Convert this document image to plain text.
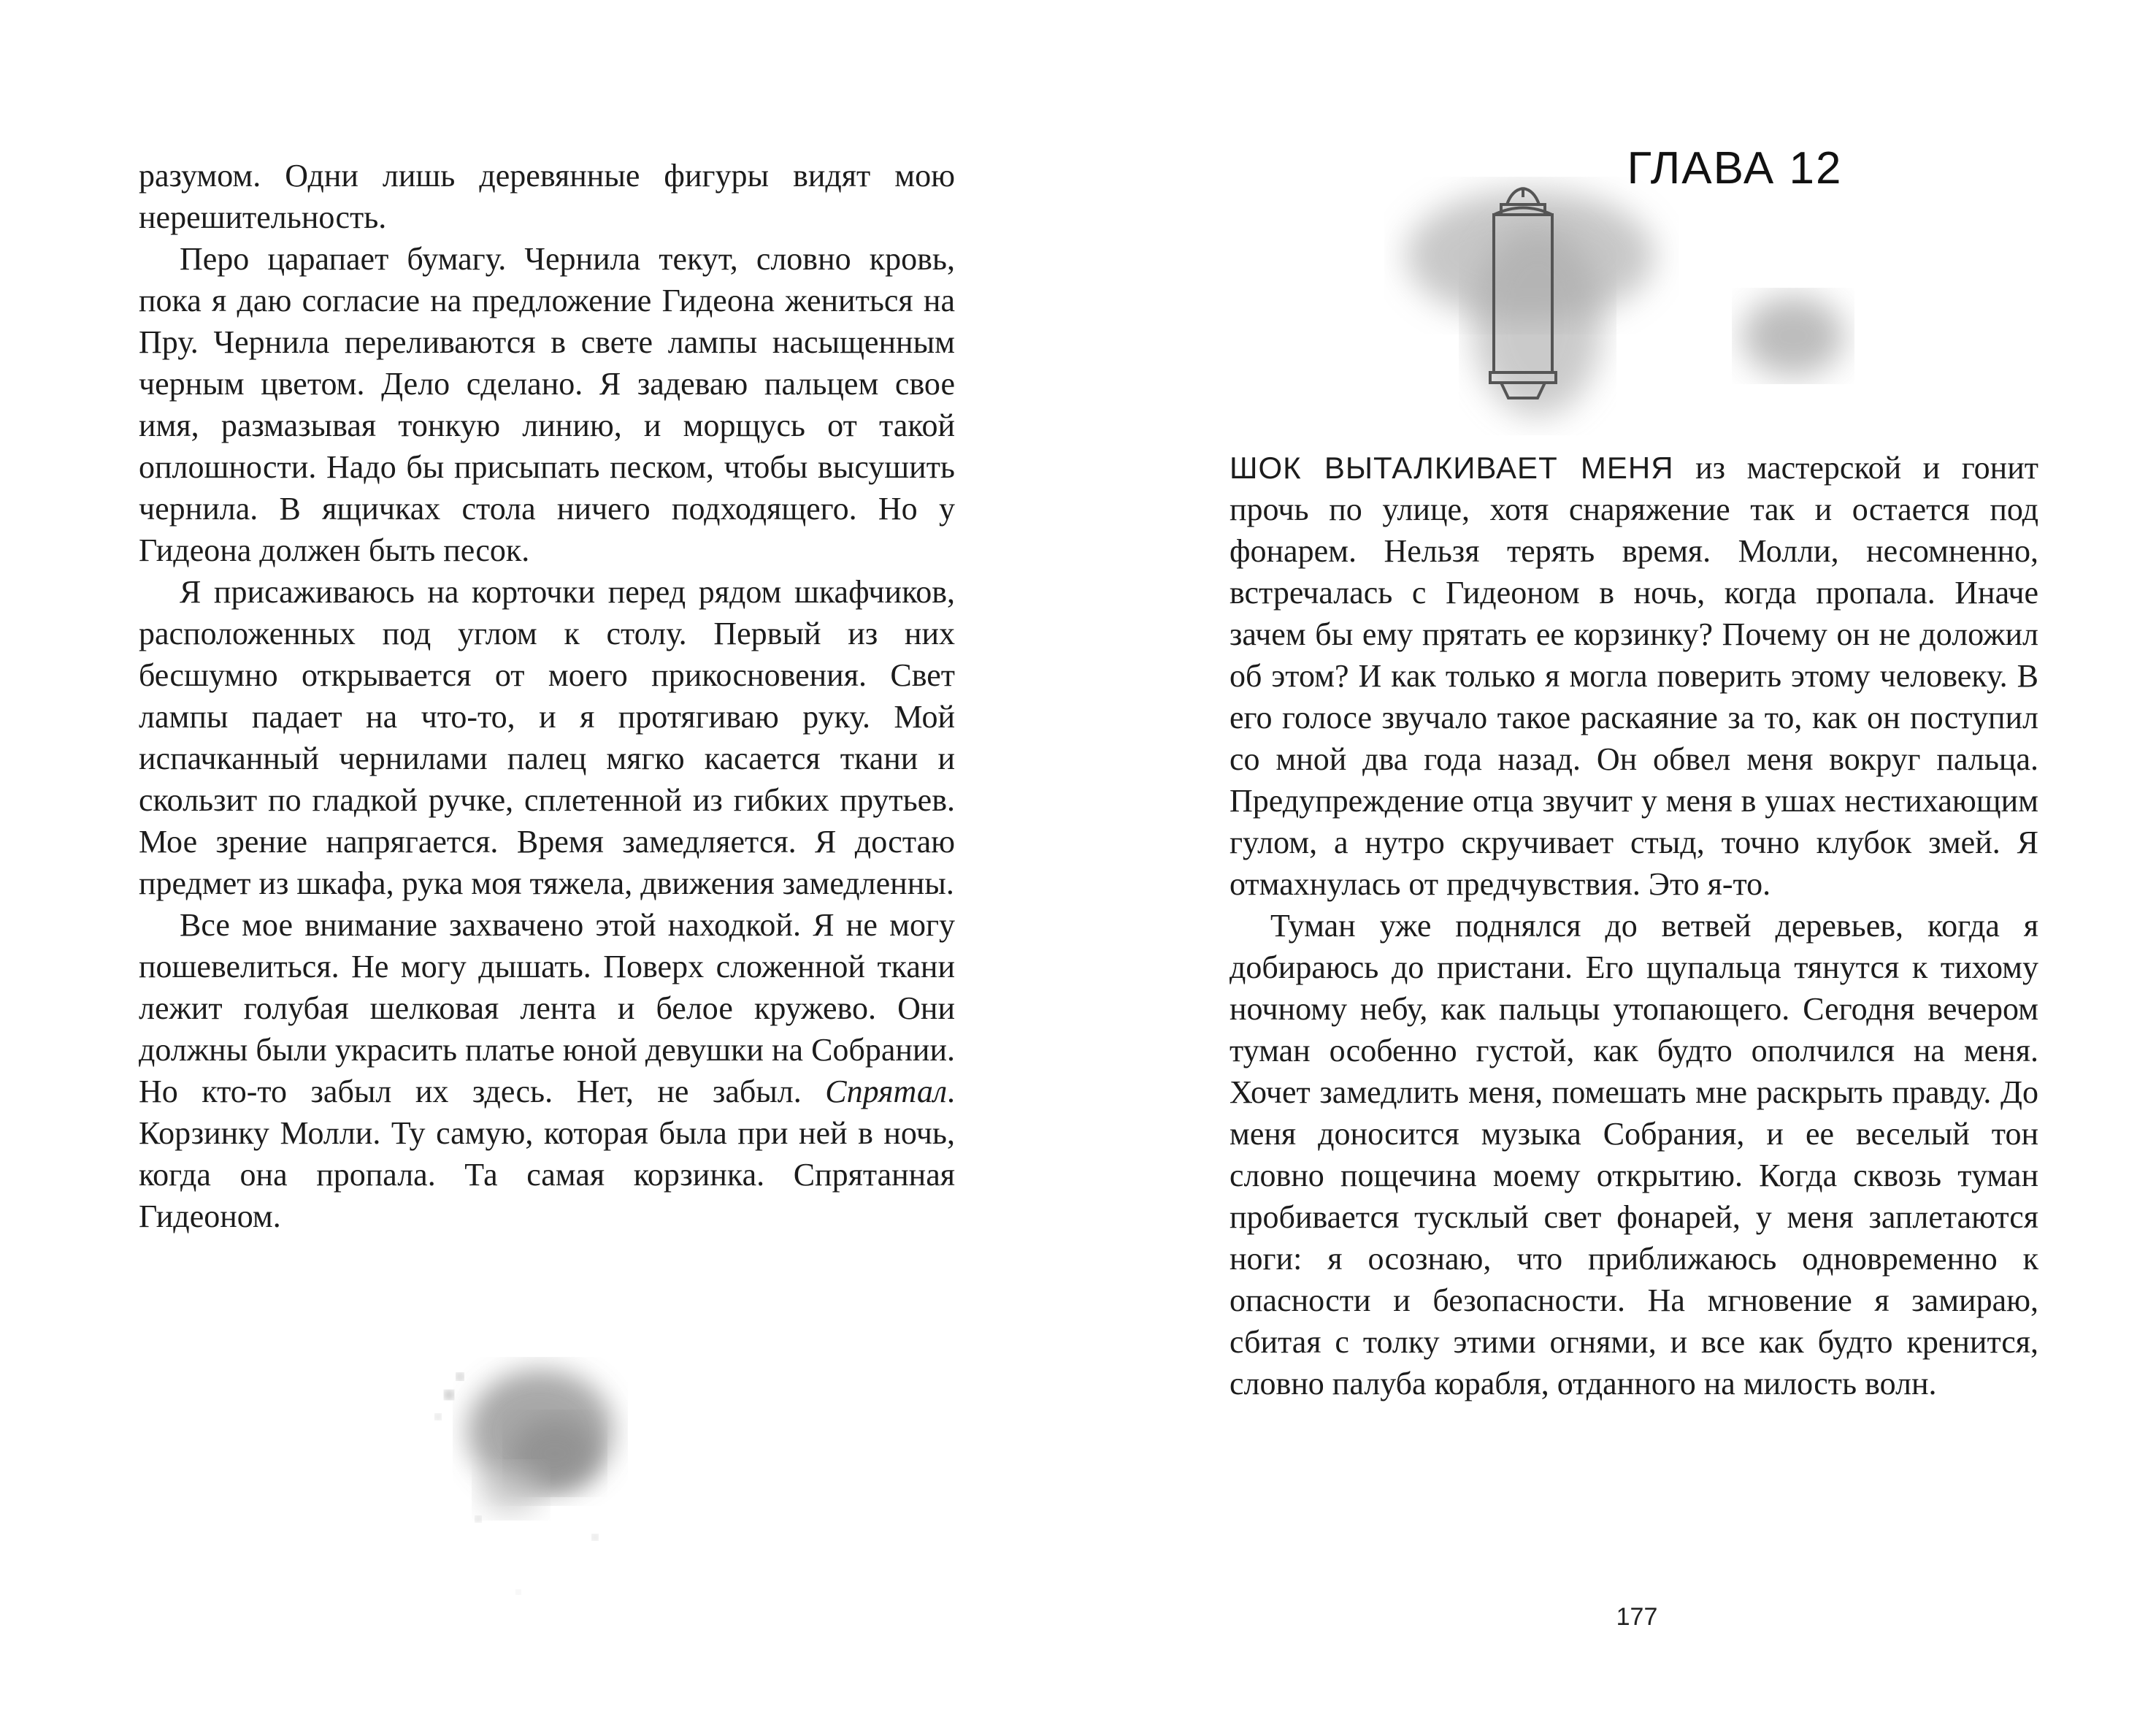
разумом. Одни лишь деревянные фигуры видят мою нерешительность.

Перо царапает бумагу. Чернила текут, словно кровь, пока я даю согласие на предложение Гидеона жениться на Пру. Чернила переливаются в свете лампы насыщенным черным цветом. Дело сделано. Я задеваю пальцем свое имя, размазывая тонкую линию, и морщусь от такой оплошности. Надо бы присыпать песком, чтобы высушить чернила. В ящичках стола ничего подходящего. Но у Гидеона должен быть песок.

Я присаживаюсь на корточки перед рядом шкафчиков, расположенных под углом к столу. Первый из них бесшумно открывается от моего прикосновения. Свет лампы падает на что-то, и я протягиваю руку. Мой испачканный чернилами палец мягко касается ткани и скользит по гладкой ручке, сплетенной из гибких прутьев. Мое зрение напрягается. Время замедляется. Я достаю предмет из шкафа, рука моя тяжела, движения замедленны.

Все мое внимание захвачено этой находкой. Я не могу пошевелиться. Не могу дышать. Поверх сложенной ткани лежит голубая шелковая лента и белое кружево. Они должны были украсить платье юной девушки на Собрании. Но кто-то забыл их здесь. Нет, не забыл. Спрятал. Корзинку Молли. Ту самую, которая была при ней в ночь, когда она пропала. Та самая корзинка. Спрятанная Гидеоном.

ГЛАВА 12

ШОК ВЫТАЛКИВАЕТ МЕНЯ из мастерской и гонит прочь по улице, хотя снаряжение так и остается под фонарем. Нельзя терять время. Молли, несомненно, встречалась с Гидеоном в ночь, когда пропала. Иначе зачем бы ему прятать ее корзинку? Почему он не доложил об этом? И как только я могла поверить этому человеку. В его голосе звучало такое раскаяние за то, как он поступил со мной два года назад. Он обвел меня вокруг пальца. Предупреждение отца звучит у меня в ушах нестихающим гулом, а нутро скручивает стыд, точно клубок змей. Я отмахнулась от предчувствия. Это я-то.

Туман уже поднялся до ветвей деревьев, когда я добираюсь до пристани. Его щупальца тянутся к тихому ночному небу, как пальцы утопающего. Сегодня вечером туман особенно густой, как будто ополчился на меня. Хочет замедлить меня, помешать мне раскрыть правду. До меня доносится музыка Собрания, и ее веселый тон словно пощечина моему открытию. Когда сквозь туман пробивается тусклый свет фонарей, у меня заплетаются ноги: я осознаю, что приближаюсь одновременно к опасности и безопасности. На мгновение я замираю, сбитая с толку этими огнями, и все как будто кренится, словно палуба корабля, отданного на милость волн.

177
